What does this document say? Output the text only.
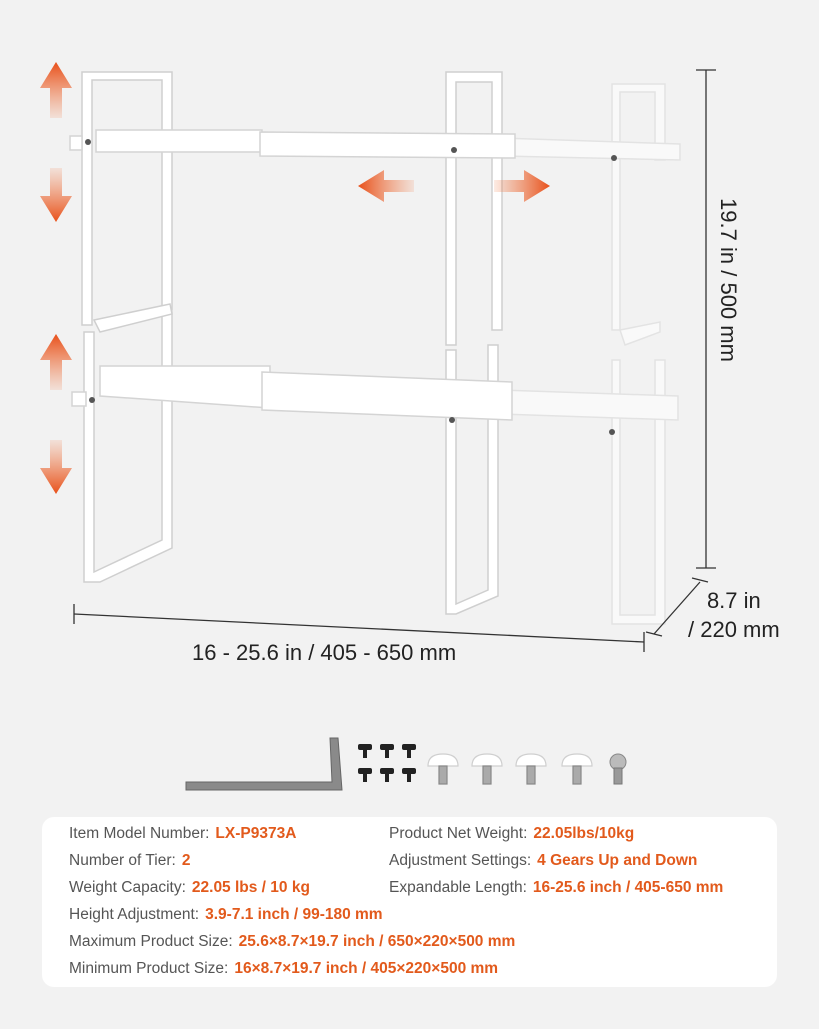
19.7 in / 500 mm
16 - 25.6 in / 405 - 650 mm
8.7 in
/ 220 mm
Item Model Number: LX-P9373A	Product Net Weight: 22.05lbs/10kg
Number of Tier: 2	Adjustment Settings: 4 Gears Up and Down
Weight Capacity: 22.05 lbs / 10 kg	Expandable Length: 16-25.6 inch / 405-650 mm
Height Adjustment: 3.9-7.1 inch / 99-180 mm
Maximum Product Size: 25.6×8.7×19.7 inch / 650×220×500 mm
Minimum Product Size: 16×8.7×19.7 inch / 405×220×500 mm
